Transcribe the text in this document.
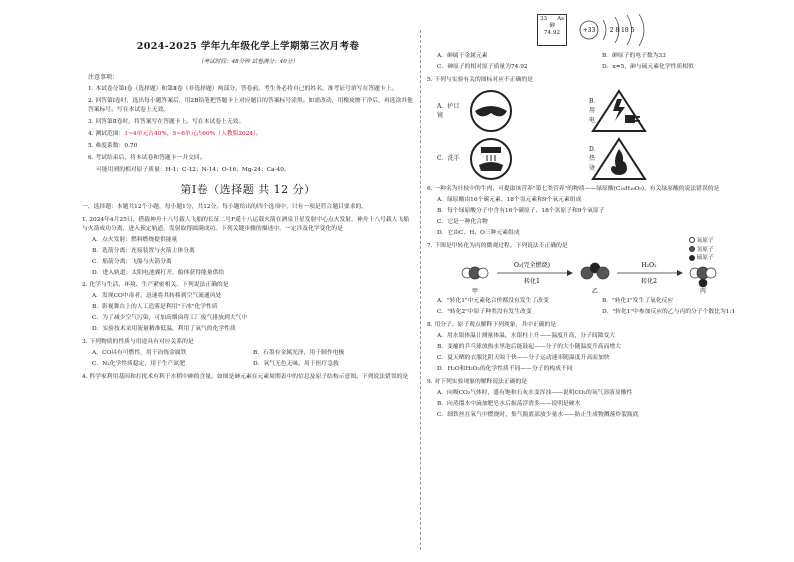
2024-2025 学年九年级化学上学期第三次月考卷
（考试时间：48分钟 试卷满分：40分）
注意事项：
1. 本试卷分第Ⅰ卷（选择题）和第Ⅱ卷（非选择题）两部分。答卷前，考生务必将自己的姓名、准考证号填写在答题卡上。
2. 回答第Ⅰ卷时，选出每小题答案后，用2B铅笔把答题卡上对应题目的答案标号涂黑。如需改动，用橡皮擦干净后，再选涂其他答案标号。写在本试卷上无效。
3. 回答第Ⅱ卷时，将答案写在答题卡上。写在本试卷上无效。
4. 测试范围：1~4单元占40%，5~6单元占60%（人教版2024）。
5. 难度系数：0.70
6. 考试结束后，将本试卷和答题卡一并交回。
可能用到的相对原子质量：H-1；C-12；N-14；O-16；Mg-24；Ca-40。
第Ⅰ卷（选择题 共 12 分）
一、选择题：本题共12个小题，每小题1分，共12分。每小题给出的四个选项中，只有一项是符合题目要求的。
1. 2024年4月25日，搭载神舟十八号载人飞船的长征二号F遥十八运载火箭在酒泉卫星发射中心点火发射，神舟十八号载人飞船与火箭成功分离，进入预定轨道，发射取得圆满成功。下列关键步骤的描述中，一定涉及化学变化的是
A．点火发射：燃料燃烧提供能量
B．选箭分离：连接装置与火箭主体分离
C．船箭分离：飞船与火箭分离
D．进入轨道：太阳电池翼打开，船体获得能量供给
2. 化学与生活、环境、生产紧密相关。下列说法正确的是
A．发现CO中毒者，迅速将其转移到空气流通风处
B．影视舞台上的人工造雾是利用"干冰"化学性质
C．为了减少空气污染，可加高烟囱将工厂废气排放到大气中
D．实验技术采用流量精准低温，利用了氧气的化学性质
3. 下列物质的性质与用途具有对应关系的是
A．CO具有可燃性，用于冶炼金属铁	B．石墨有金属光泽，用于制作电极
C．N₂化学性质稳定，用于生产氮肥	D．氧气无色无味，用于医疗急救
4. 科学家利用基因和打扰术有利于水稻中砷的含量。如图是砷元素在元素周期表中的信息及原子结构示意图。下列说法错误的是
33 As
砷
74.92	+33 2 8 18 5
A．砷属于金属元素	B．砷原子的电子数为33
C．砷原子的相对原子质量为74.92	D．x=5，砷与硫元素化学性质相似
5. 下列与实验有关的图标对应不正确的是
A．护目镜
B．用电
C．洗手
D．热烫
6. 一种名为壮枝中的牛肉，可提取该营养"第七类营养"的物质——绿原酸(C₁₆H₁₈O₉)，有关绿原酸的说法错误的是
A．绿原酸由16个碳元素、18个氢元素和9个氧元素组成
B．每个绿原酸分子中含有16个碳原子、18个氢原子和9个氧原子
C．它是一种化合物
D．它由C、H、O三种元素组成
7. 下图是甲转化为丙的微观过程。下列说法不正确的是
O₂(完全燃烧)
转化1
H₂O₂
转化2
甲	乙	丙
氧原子
氢原子
硫原子
A．"转化1"中元素化合价都没有发生了改变	B．"转化1"发生了氧化反应
C．"转化2"中原子种类没有发生改变	D．"转化1"中参加反应的乙与丙的分子个数比为1:1
8. 用分子、原子观点解释下列现象，其中正确的是
A．用水银体温计测量体温，水银柱上升——温度升高，分子间隙变大
B．变瘪的乒乓球放热水里泡后能鼓起——分子的大小随温度升高而增大
C．夏天晒的衣服比阴天晾干快——分子运动速率随温度升高而加快
D．H₂O和H₂O₂的化学性质不同——分子的构成不同
9. 对下列实验现象的解释说法正确的是
A．向吸CO₂气体时，盛有饱和石灰水变浑浊——说明CO₂的氧气溶液显酸性
B．向蒸馏水中滴加肥皂水后振荡浮渣多——说明是硬水
C．细铁丝在氧气中燃烧时，集气瓶底部放少量水——防止生成物溅落炸裂瓶底
